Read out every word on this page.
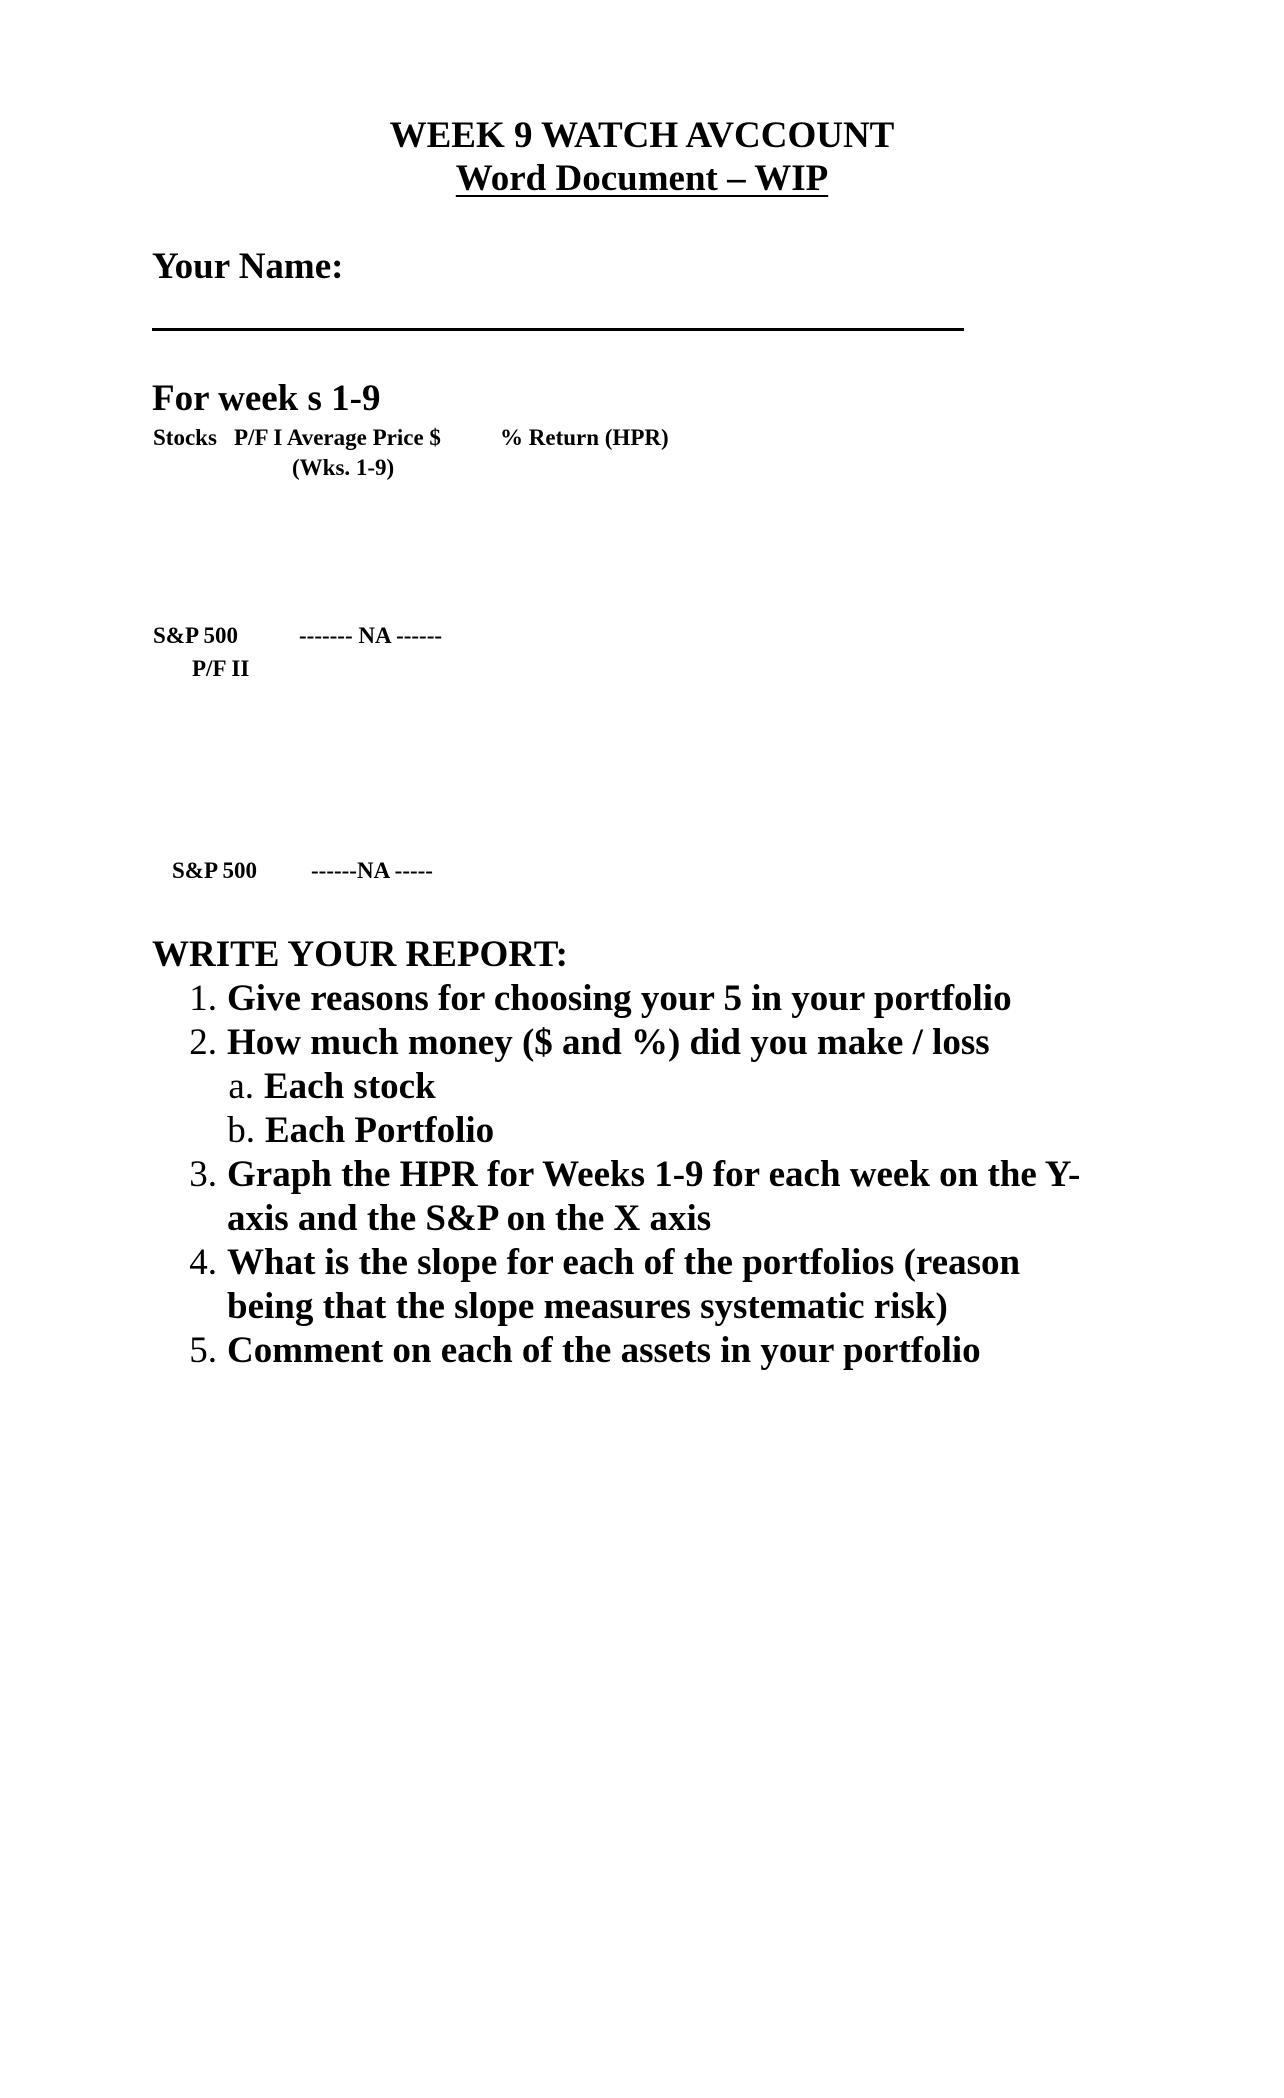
WEEK 9 WATCH AVCCOUNT
Word Document – WIP
Your Name:
For week s 1-9
Stocks P/F I Average Price $	% Return (HPR)
(Wks. 1-9)
S&P 500	------- NA ------
P/F II
S&P 500 ------NA -----
WRITE YOUR REPORT:
1. Give reasons for choosing your 5 in your portfolio
2. How much money ($ and %) did you make / loss
a. Each stock
b. Each Portfolio
3. Graph the HPR for Weeks 1-9 for each week on the Y-
axis and the S&P on the X axis
4. What is the slope for each of the portfolios (reason
being that the slope measures systematic risk)
5. Comment on each of the assets in your portfolio
